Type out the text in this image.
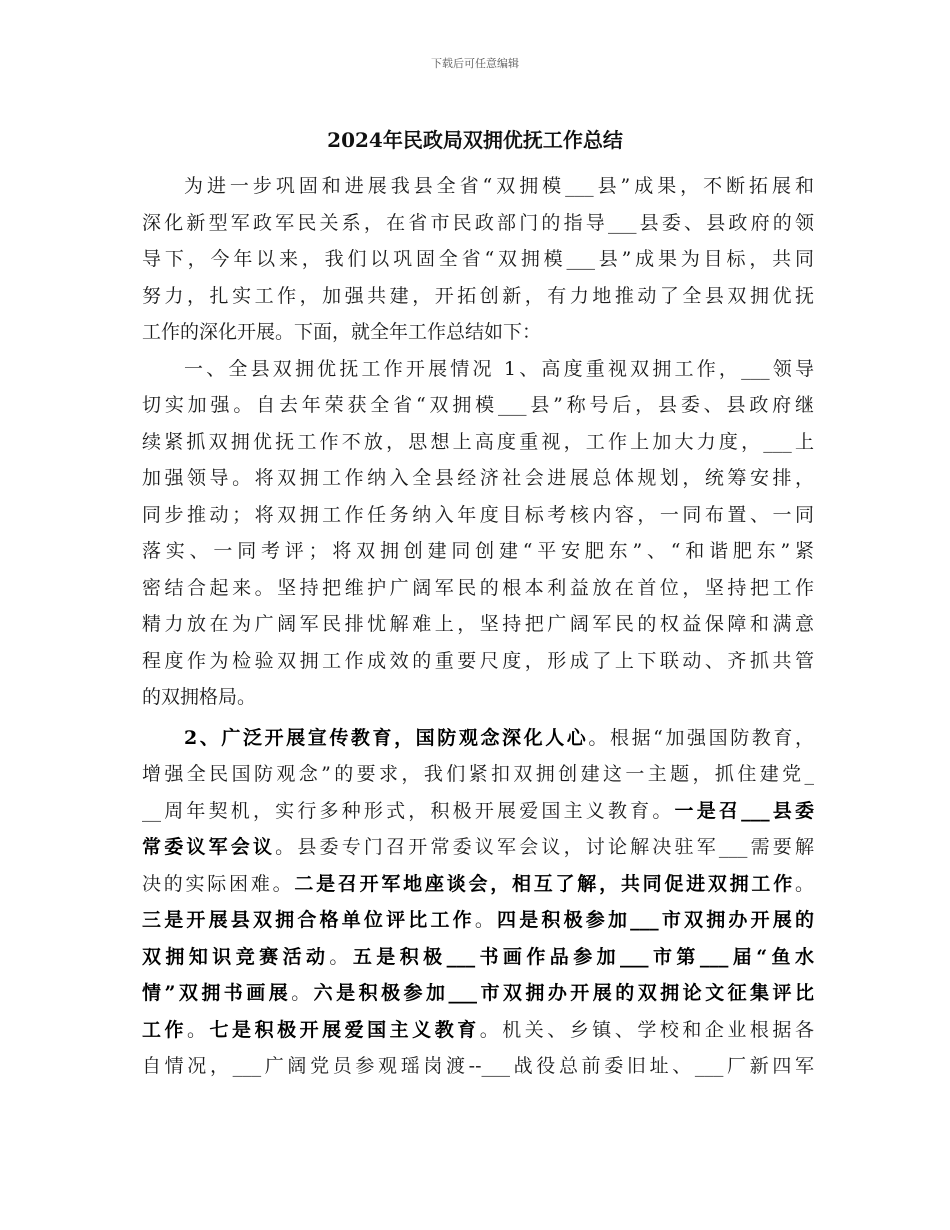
下载后可任意编辑
2024年民政局双拥优抚工作总结
为进一步巩固和进展我县全省“双拥模___县”成果，不断拓展和
深化新型军政军民关系，在省市民政部门的指导___县委、县政府的领
导下，今年以来，我们以巩固全省“双拥模___县”成果为目标，共同
努力，扎实工作，加强共建，开拓创新，有力地推动了全县双拥优抚
工作的深化开展。下面，就全年工作总结如下：
一、全县双拥优抚工作开展情况 1、高度重视双拥工作，___领导
切实加强。自去年荣获全省“双拥模___县”称号后，县委、县政府继
续紧抓双拥优抚工作不放，思想上高度重视，工作上加大力度，___上
加强领导。将双拥工作纳入全县经济社会进展总体规划，统筹安排，
同步推动；将双拥工作任务纳入年度目标考核内容，一同布置、一同
落实、一同考评；将双拥创建同创建“平安肥东”、“和谐肥东”紧
密结合起来。坚持把维护广阔军民的根本利益放在首位，坚持把工作
精力放在为广阔军民排忧解难上，坚持把广阔军民的权益保障和满意
程度作为检验双拥工作成效的重要尺度，形成了上下联动、齐抓共管
的双拥格局。
2、广泛开展宣传教育，国防观念深化人心。根据“加强国防教育，
增强全民国防观念”的要求，我们紧扣双拥创建这一主题，抓住建党_
__周年契机，实行多种形式，积极开展爱国主义教育。一是召___县委
常委议军会议。县委专门召开常委议军会议，讨论解决驻军___需要解
决的实际困难。二是召开军地座谈会，相互了解，共同促进双拥工作。
三是开展县双拥合格单位评比工作。四是积极参加___市双拥办开展的
双拥知识竞赛活动。五是积极___书画作品参加___市第___届“鱼水
情”双拥书画展。六是积极参加___市双拥办开展的双拥论文征集评比
工作。七是积极开展爱国主义教育。机关、乡镇、学校和企业根据各
自情况，___广阔党员参观瑶岗渡--___战役总前委旧址、___厂新四军
